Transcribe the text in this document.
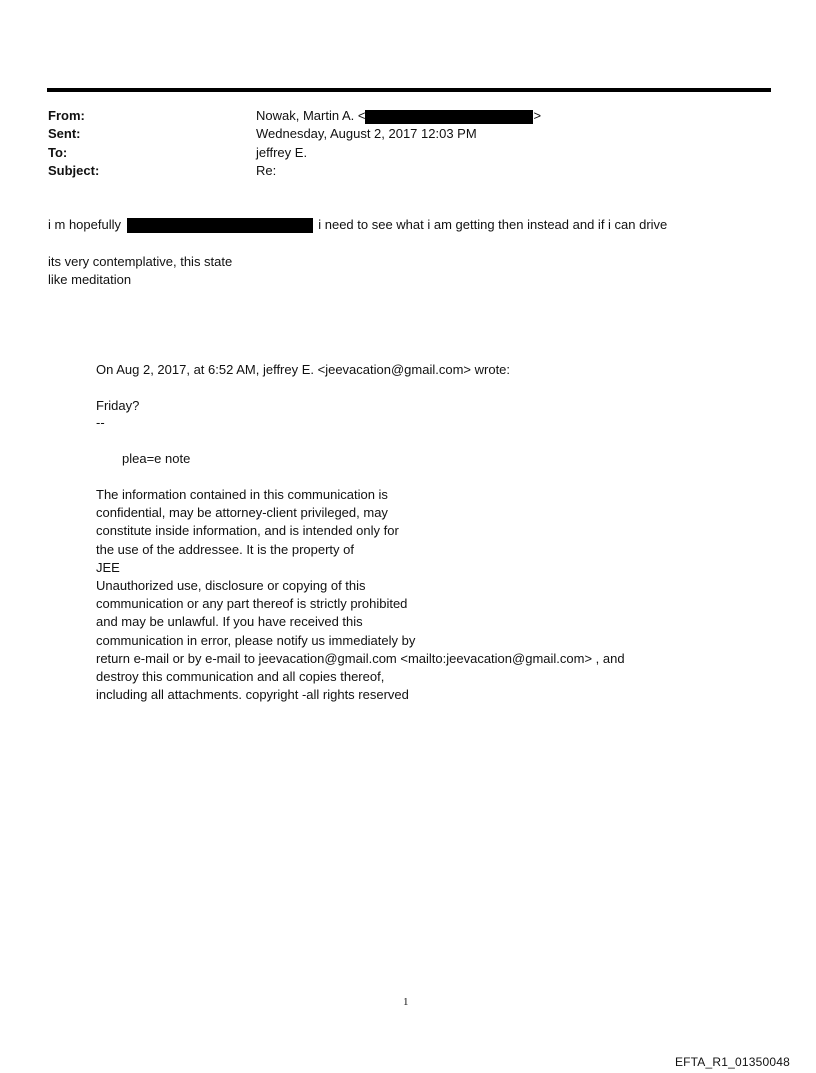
From:	Nowak, Martin A. <	>
Sent:	Wednesday, August 2, 2017 12:03 PM
To:	jeffrey E.
Subject:	Re:
i m hopefully	i need to see what i am getting then instead and if i can drive
its very contemplative, this state
like meditation
On Aug 2, 2017, at 6:52 AM, jeffrey E. <jeevacation@gmail.com> wrote:
Friday?
--
plea=e note
The information contained in this communication is
confidential, may be attorney-client privileged, may
constitute inside information, and is intended only for
the use of the addressee. It is the property of
JEE
Unauthorized use, disclosure or copying of this
communication or any part thereof is strictly prohibited
and may be unlawful. If you have received this
communication in error, please notify us immediately by
return e-mail or by e-mail to jeevacation@gmail.com <mailto:jeevacation@gmail.com> , and
destroy this communication and all copies thereof,
including all attachments. copyright -all rights reserved
1
EFTA_R1_01350048
